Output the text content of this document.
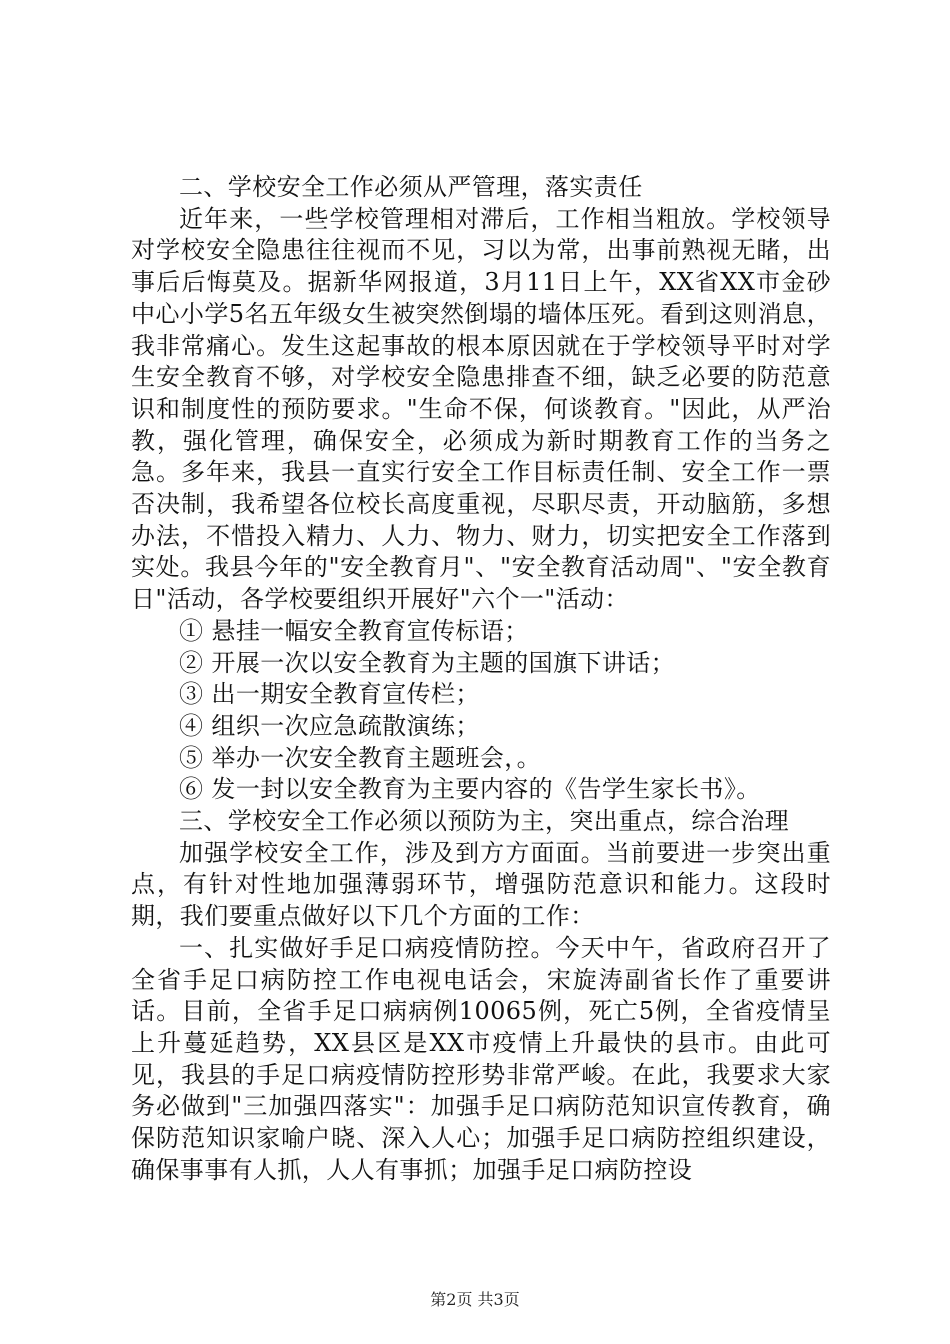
二、学校安全工作必须从严管理，落实责任

近年来，一些学校管理相对滞后，工作相当粗放。学校领导对学校安全隐患往往视而不见，习以为常，出事前熟视无睹，出事后后悔莫及。据新华网报道，3月11日上午，XX省XX市金砂中心小学5名五年级女生被突然倒塌的墙体压死。看到这则消息，我非常痛心。发生这起事故的根本原因就在于学校领导平时对学生安全教育不够，对学校安全隐患排查不细，缺乏必要的防范意识和制度性的预防要求。"生命不保，何谈教育。"因此，从严治教，强化管理，确保安全，必须成为新时期教育工作的当务之急。多年来，我县一直实行安全工作目标责任制、安全工作一票否决制，我希望各位校长高度重视，尽职尽责，开动脑筋，多想办法，不惜投入精力、人力、物力、财力，切实把安全工作落到实处。我县今年的"安全教育月"、"安全教育活动周"、"安全教育日"活动，各学校要组织开展好"六个一"活动：

① 悬挂一幅安全教育宣传标语；

② 开展一次以安全教育为主题的国旗下讲话；

③ 出一期安全教育宣传栏；

④ 组织一次应急疏散演练；

⑤ 举办一次安全教育主题班会，。

⑥ 发一封以安全教育为主要内容的《告学生家长书》。

三、学校安全工作必须以预防为主，突出重点，综合治理

加强学校安全工作，涉及到方方面面。当前要进一步突出重点，有针对性地加强薄弱环节，增强防范意识和能力。这段时期，我们要重点做好以下几个方面的工作：

一、扎实做好手足口病疫情防控。今天中午，省政府召开了全省手足口病防控工作电视电话会，宋旋涛副省长作了重要讲话。目前，全省手足口病病例10065例，死亡5例，全省疫情呈上升蔓延趋势，XX县区是XX市疫情上升最快的县市。由此可见，我县的手足口病疫情防控形势非常严峻。在此，我要求大家务必做到"三加强四落实"：加强手足口病防范知识宣传教育，确保防范知识家喻户晓、深入人心；加强手足口病防控组织建设，确保事事有人抓，人人有事抓；加强手足口病防控设

第2页 共3页
